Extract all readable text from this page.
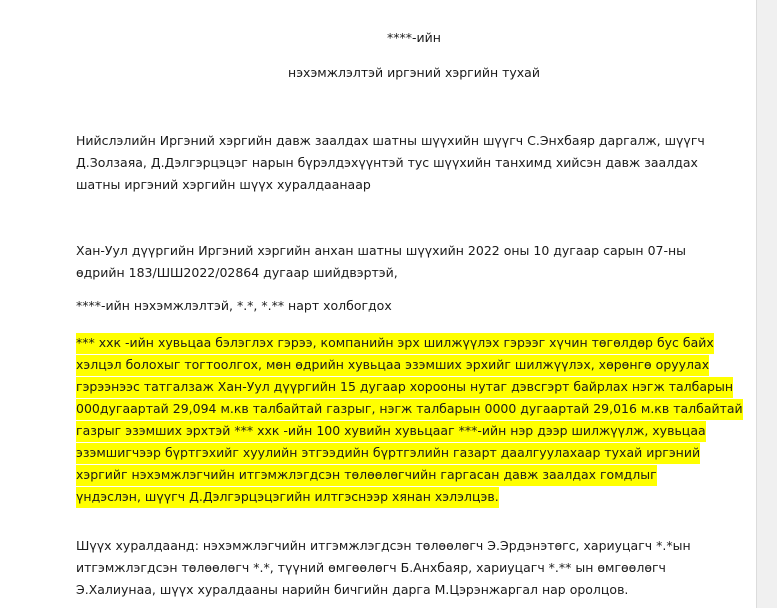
****-ийн
нэхэмжлэлтэй иргэний хэргийн тухай
Нийслэлийн Иргэний хэргийн давж заалдах шатны шүүхийн шүүгч С.Энхбаяр даргалж, шүүгч
Д.Золзаяа, Д.Дэлгэрцэцэг нарын бүрэлдэхүүнтэй тус шүүхийн танхимд хийсэн давж заалдах
шатны иргэний хэргийн шүүх хуралдаанаар
Хан-Уул дүүргийн Иргэний хэргийн анхан шатны шүүхийн 2022 оны 10 дугаар сарын 07-ны
өдрийн 183/ШШ2022/02864 дугаар шийдвэртэй,
****-ийн нэхэмжлэлтэй, *.*, *.** нарт холбогдох
*** ххк -ийн хувьцаа бэлэглэх гэрээ, компанийн эрх шилжүүлэх гэрээг хүчин төгөлдөр бус байх
хэлцэл болохыг тогтоолгох, мөн өдрийн хувьцаа эзэмших эрхийг шилжүүлэх, хөрөнгө оруулах
гэрээнээс татгалзаж Хан-Уул дүүргийн 15 дугаар хорооны нутаг дэвсгэрт байрлах нэгж талбарын
000дугаартай 29,094 м.кв талбайтай газрыг, нэгж талбарын 0000 дугаартай 29,016 м.кв талбайтай
газрыг эзэмших эрхтэй *** ххк -ийн 100 хувийн хувьцааг ***-ийн нэр дээр шилжүүлж, хувьцаа
эзэмшигчээр бүртгэхийг хуулийн этгээдийн бүртгэлийн газарт даалгуулахаар тухай иргэний
хэргийг нэхэмжлэгчийн итгэмжлэгдсэн төлөөлөгчийн гаргасан давж заалдах гомдлыг
үндэслэн, шүүгч Д.Дэлгэрцэцэгийн илтгэснээр хянан хэлэлцэв.
Шүүх хуралдаанд: нэхэмжлэгчийн итгэмжлэгдсэн төлөөлөгч Э.Эрдэнэтөгс, хариуцагч *.*ын
итгэмжлэгдсэн төлөөлөгч *.*, түүний өмгөөлөгч Б.Анхбаяр, хариуцагч *.** ын өмгөөлөгч
Э.Халиунаа, шүүх хуралдааны нарийн бичгийн дарга М.Цэрэнжаргал нар оролцов.
